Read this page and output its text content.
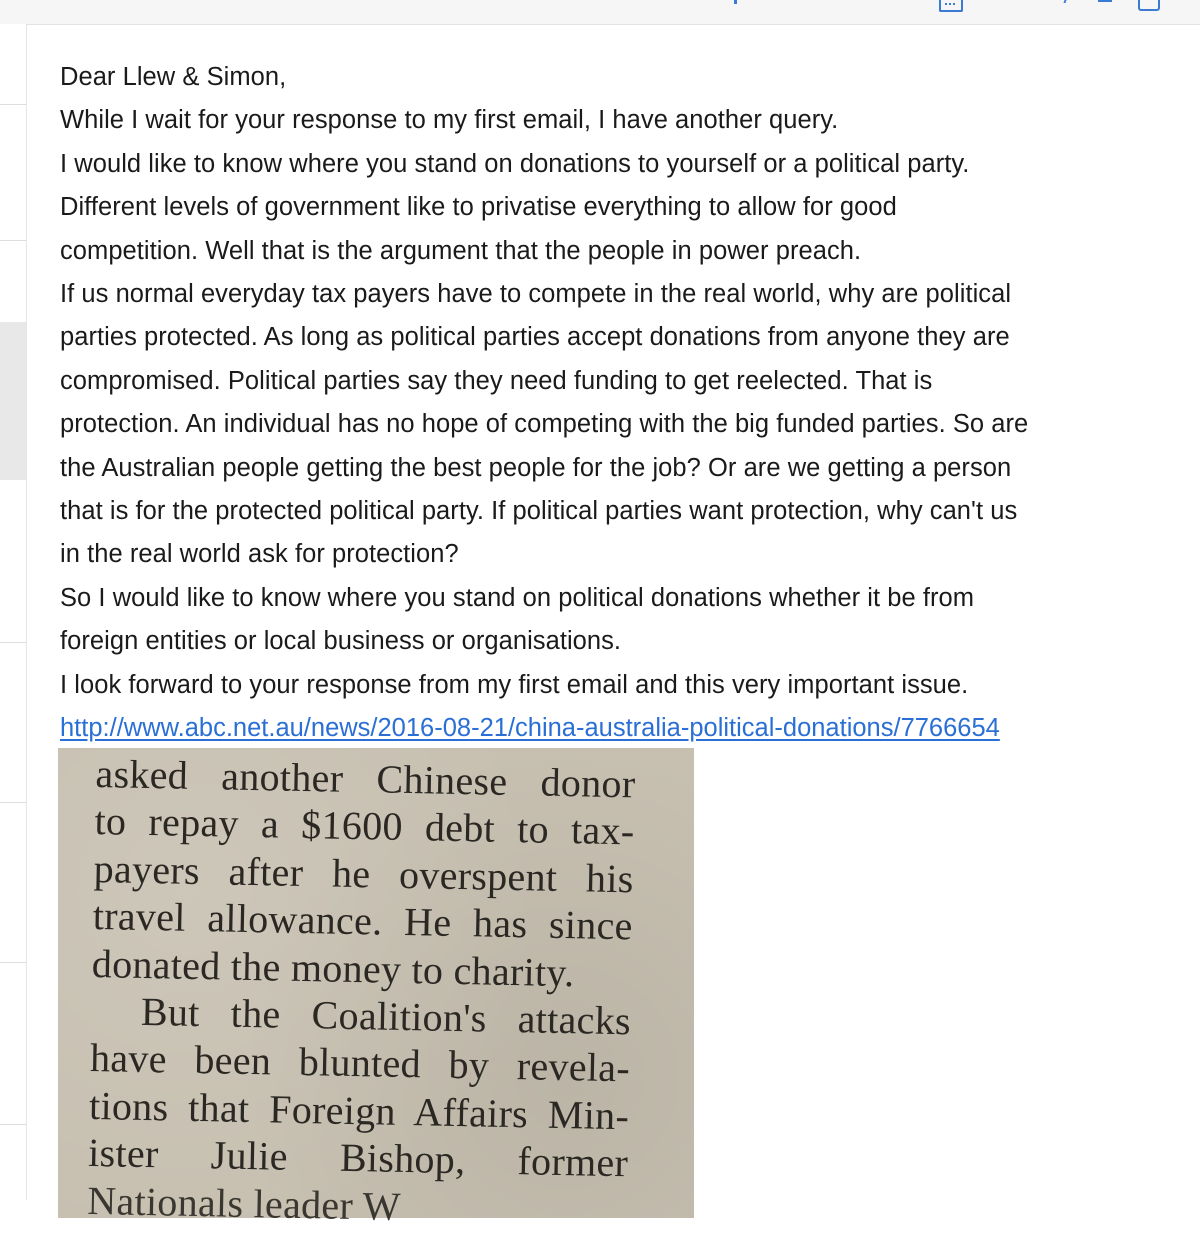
Dear Llew & Simon,

While I wait for your response to my first email, I have another query.

I would like to know where you stand on donations to yourself or a political party.

Different levels of government like to privatise everything to allow for good

competition. Well that is the argument that the people in power preach.

If us normal everyday tax payers have to compete in the real world, why are political

parties protected. As long as political parties accept donations from anyone they are

compromised. Political parties say they need funding to get reelected. That is

protection. An individual has no hope of competing with the big funded parties. So are

the Australian people getting the best people for the job? Or are we getting a person

that is for the protected political party. If political parties want protection, why can't us

in the real world ask for protection?

So I would like to know where you stand on political donations whether it be from

foreign entities or local business or organisations.

I look forward to your response from my first email and this very important issue.

http://www.abc.net.au/news/2016-08-21/china-australia-political-donations/7766654
asked another Chinese donor
to repay a $1600 debt to tax-
payers after he overspent his
travel allowance. He has since
donated the money to charity.
But the Coalition's attacks
have been blunted by revela-
tions that Foreign Affairs Min-
ister Julie Bishop, former
Nationals leader W
